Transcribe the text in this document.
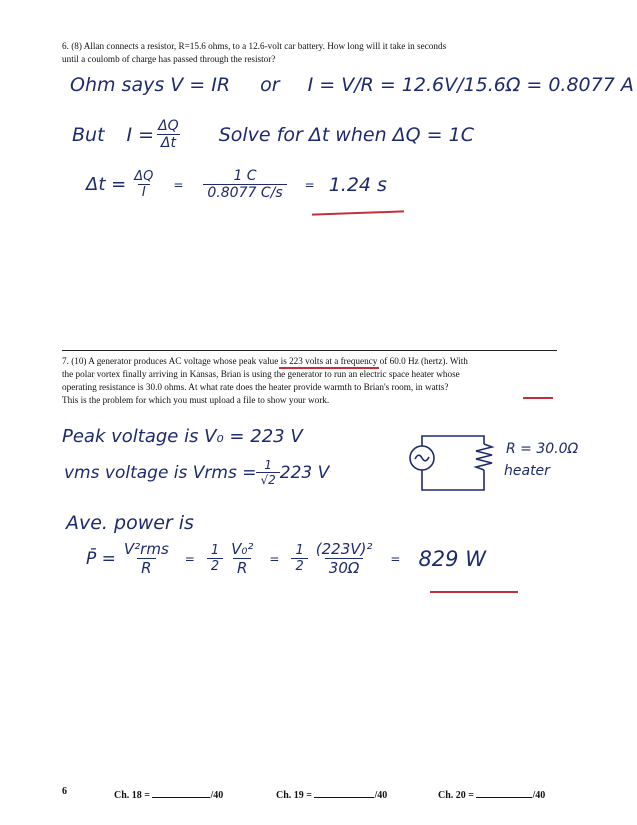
6. (8) Allan connects a resistor, R=15.6 ohms, to a 12.6-volt car battery. How long will it take in seconds
until a coulomb of charge has passed through the resistor?
Ohm says V = IR or I = V/R = 12.6V/15.6Ω = 0.8077 A
But $I = \frac{\Delta Q}{\Delta t}$ Solve for Δt when ΔQ = 1C
$\Delta t = \frac{\Delta Q}{I} = \frac{1 C}{0.8077 C/s} = 1.24$ s
7. (10) A generator produces AC voltage whose peak value is 223 volts at a frequency of 60.0 Hz (hertz). With
the polar vortex finally arriving in Kansas, Brian is using the generator to run an electric space heater whose
operating resistance is 30.0 ohms. At what rate does the heater provide warmth to Brian's room, in watts?
This is the problem for which you must upload a file to show your work.
Peak voltage is V₀ = 223 V
vms voltage is Vrms = $\frac{1}{√2} 223$ V
R = 30.0Ω
heater
Ave. power is
P̄ = $\frac{\text{V²rms}}{R} = \frac{1}{2} \frac{\text{V₀²}}{R} = \frac{1}{2} \frac{\text{(223V)²}}{30\Omega} = 829$ W
6	Ch. 18 =	/40	Ch. 19 =	/40	Ch. 20 =	/40
